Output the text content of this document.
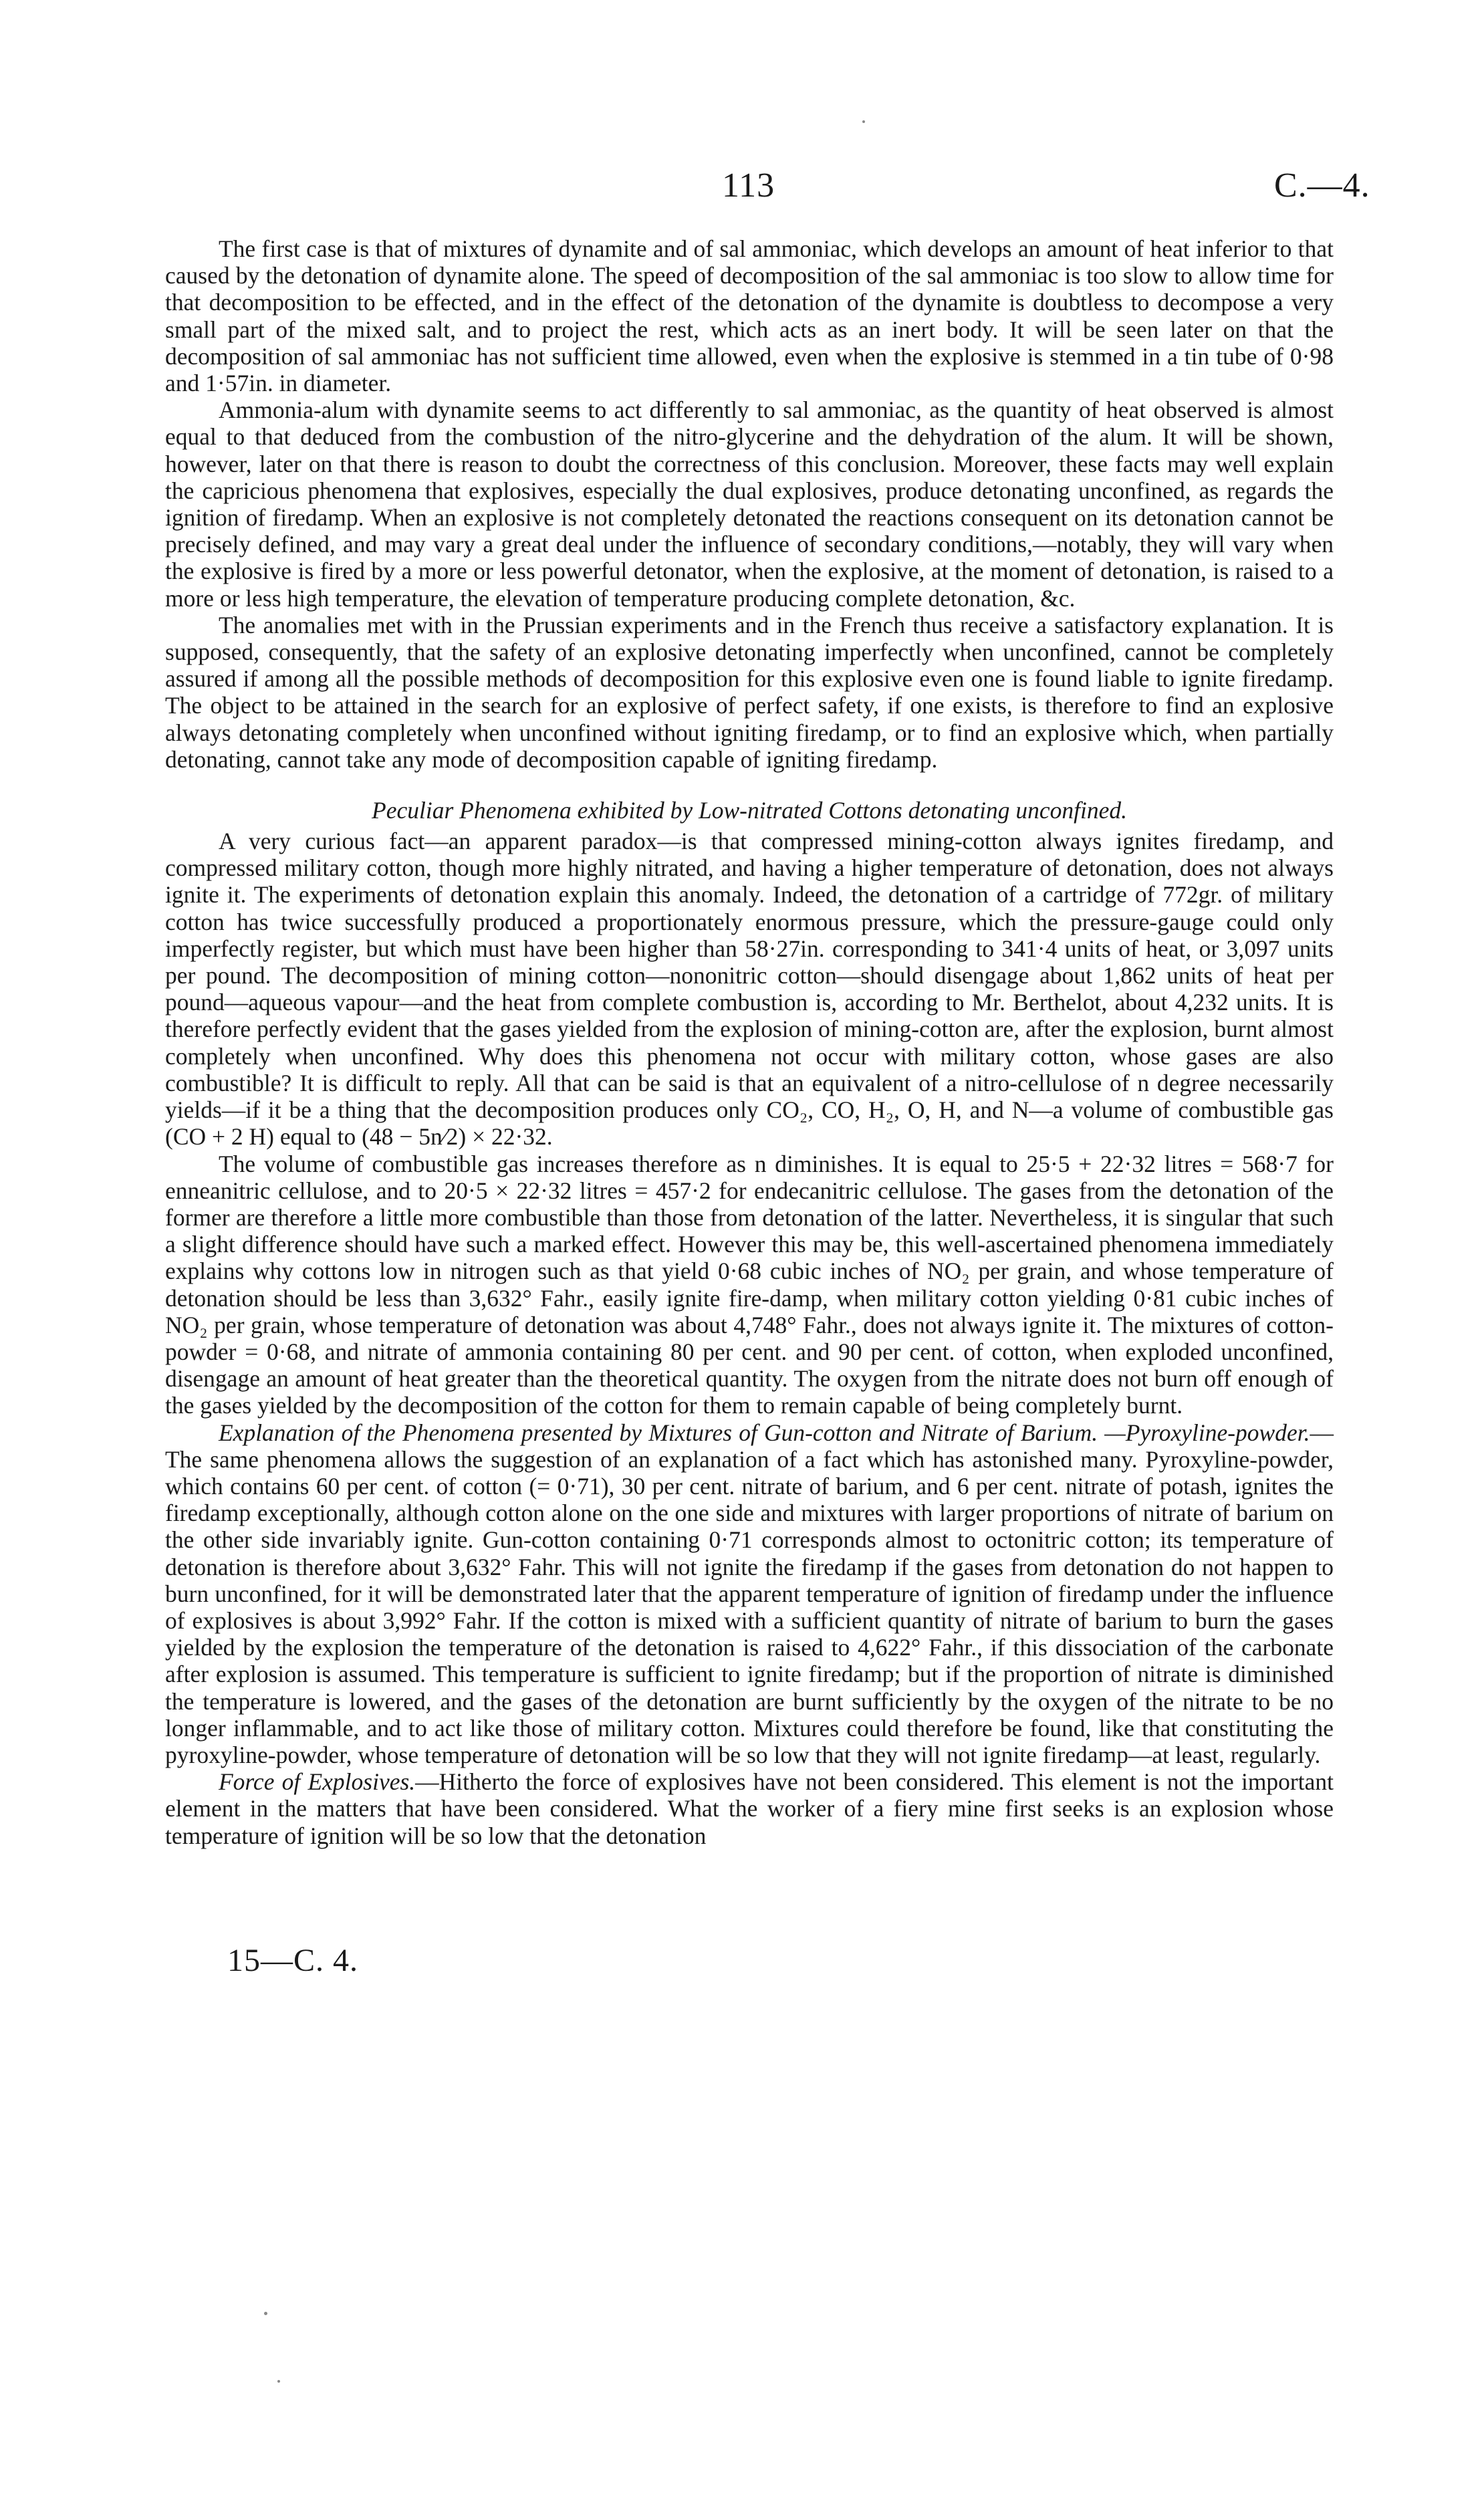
113	C.—4.

The first case is that of mixtures of dynamite and of sal ammoniac, which develops an amount of heat inferior to that caused by the detonation of dynamite alone. The speed of decomposition of the sal ammoniac is too slow to allow time for that decomposition to be effected, and in the effect of the detonation of the dynamite is doubtless to decompose a very small part of the mixed salt, and to project the rest, which acts as an inert body. It will be seen later on that the decomposition of sal ammoniac has not sufficient time allowed, even when the explosive is stemmed in a tin tube of 0·98 and 1·57in. in diameter.

Ammonia-alum with dynamite seems to act differently to sal ammoniac, as the quantity of heat observed is almost equal to that deduced from the combustion of the nitro-glycerine and the dehydration of the alum. It will be shown, however, later on that there is reason to doubt the correctness of this conclusion. Moreover, these facts may well explain the capricious phenomena that explosives, especially the dual explosives, produce detonating unconfined, as regards the ignition of firedamp. When an explosive is not completely detonated the reactions consequent on its detonation cannot be precisely defined, and may vary a great deal under the influence of secondary conditions,—notably, they will vary when the explosive is fired by a more or less powerful detonator, when the explosive, at the moment of detonation, is raised to a more or less high temperature, the elevation of temperature producing complete detonation, &c.

The anomalies met with in the Prussian experiments and in the French thus receive a satisfactory explanation. It is supposed, consequently, that the safety of an explosive detonating imperfectly when unconfined, cannot be completely assured if among all the possible methods of decomposition for this explosive even one is found liable to ignite firedamp. The object to be attained in the search for an explosive of perfect safety, if one exists, is therefore to find an explosive always detonating completely when unconfined without igniting firedamp, or to find an explosive which, when partially detonating, cannot take any mode of decomposition capable of igniting firedamp.

Peculiar Phenomena exhibited by Low-nitrated Cottons detonating unconfined.

A very curious fact—an apparent paradox—is that compressed mining-cotton always ignites firedamp, and compressed military cotton, though more highly nitrated, and having a higher temperature of detonation, does not always ignite it. The experiments of detonation explain this anomaly. Indeed, the detonation of a cartridge of 772gr. of military cotton has twice successfully produced a proportionately enormous pressure, which the pressure-gauge could only imperfectly register, but which must have been higher than 58·27in. corresponding to 341·4 units of heat, or 3,097 units per pound. The decomposition of mining cotton—nononitric cotton—should disengage about 1,862 units of heat per pound—aqueous vapour—and the heat from complete combustion is, according to Mr. Berthelot, about 4,232 units. It is therefore perfectly evident that the gases yielded from the explosion of mining-cotton are, after the explosion, burnt almost completely when unconfined. Why does this phenomena not occur with military cotton, whose gases are also combustible? It is difficult to reply. All that can be said is that an equivalent of a nitro-cellulose of n degree necessarily yields—if it be a thing that the decomposition produces only CO₂, CO, H₂, O, H, and N—a volume of combustible gas (CO + 2 H) equal to (48 − 5n⁄2) × 22·32.

The volume of combustible gas increases therefore as n diminishes. It is equal to 25·5 + 22·32 litres = 568·7 for enneanitric cellulose, and to 20·5 × 22·32 litres = 457·2 for endecanitric cellulose. The gases from the detonation of the former are therefore a little more combustible than those from detonation of the latter. Nevertheless, it is singular that such a slight difference should have such a marked effect. However this may be, this well-ascertained phenomena immediately explains why cottons low in nitrogen such as that yield 0·68 cubic inches of NO₂ per grain, and whose temperature of detonation should be less than 3,632° Fahr., easily ignite fire-damp, when military cotton yielding 0·81 cubic inches of NO₂ per grain, whose temperature of detonation was about 4,748° Fahr., does not always ignite it. The mixtures of cotton-powder = 0·68, and nitrate of ammonia containing 80 per cent. and 90 per cent. of cotton, when exploded unconfined, disengage an amount of heat greater than the theoretical quantity. The oxygen from the nitrate does not burn off enough of the gases yielded by the decomposition of the cotton for them to remain capable of being completely burnt.

Explanation of the Phenomena presented by Mixtures of Gun-cotton and Nitrate of Barium. —Pyroxyline-powder.—The same phenomena allows the suggestion of an explanation of a fact which has astonished many. Pyroxyline-powder, which contains 60 per cent. of cotton (= 0·71), 30 per cent. nitrate of barium, and 6 per cent. nitrate of potash, ignites the firedamp exceptionally, although cotton alone on the one side and mixtures with larger proportions of nitrate of barium on the other side invariably ignite. Gun-cotton containing 0·71 corresponds almost to octonitric cotton; its temperature of detonation is therefore about 3,632° Fahr. This will not ignite the firedamp if the gases from detonation do not happen to burn unconfined, for it will be demonstrated later that the apparent temperature of ignition of firedamp under the influence of explosives is about 3,992° Fahr. If the cotton is mixed with a sufficient quantity of nitrate of barium to burn the gases yielded by the explosion the temperature of the detonation is raised to 4,622° Fahr., if this dissociation of the carbonate after explosion is assumed. This temperature is sufficient to ignite firedamp; but if the proportion of nitrate is diminished the temperature is lowered, and the gases of the detonation are burnt sufficiently by the oxygen of the nitrate to be no longer inflammable, and to act like those of military cotton. Mixtures could therefore be found, like that constituting the pyroxyline-powder, whose temperature of detonation will be so low that they will not ignite firedamp—at least, regularly.

Force of Explosives.—Hitherto the force of explosives have not been considered. This element is not the important element in the matters that have been considered. What the worker of a fiery mine first seeks is an explosion whose temperature of ignition will be so low that the detonation

15—C. 4.
